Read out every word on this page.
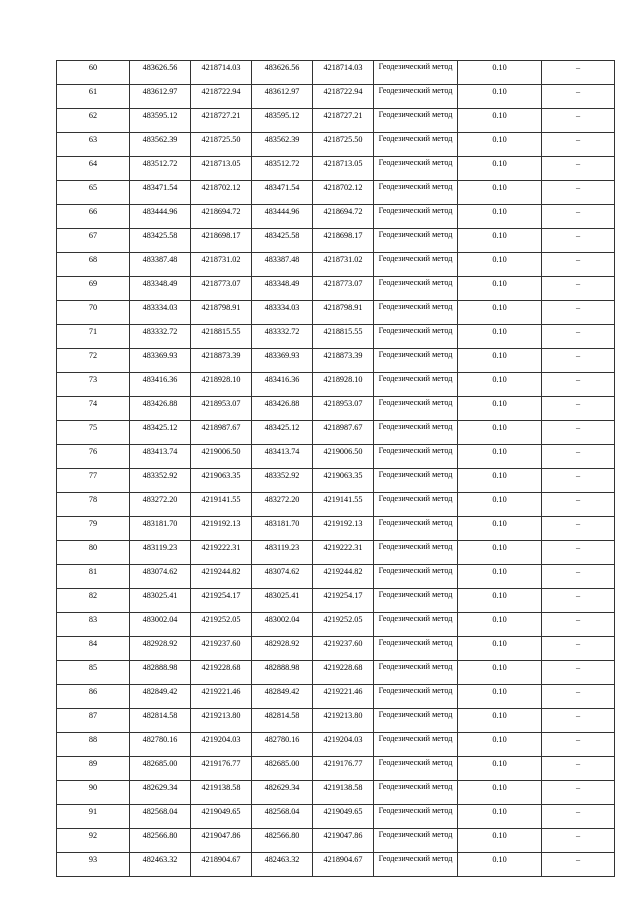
60	483626.56	4218714.03	483626.56	4218714.03	Геодезический метод	0.10	–
61	483612.97	4218722.94	483612.97	4218722.94	Геодезический метод	0.10	–
62	483595.12	4218727.21	483595.12	4218727.21	Геодезический метод	0.10	–
63	483562.39	4218725.50	483562.39	4218725.50	Геодезический метод	0.10	–
64	483512.72	4218713.05	483512.72	4218713.05	Геодезический метод	0.10	–
65	483471.54	4218702.12	483471.54	4218702.12	Геодезический метод	0.10	–
66	483444.96	4218694.72	483444.96	4218694.72	Геодезический метод	0.10	–
67	483425.58	4218698.17	483425.58	4218698.17	Геодезический метод	0.10	–
68	483387.48	4218731.02	483387.48	4218731.02	Геодезический метод	0.10	–
69	483348.49	4218773.07	483348.49	4218773.07	Геодезический метод	0.10	–
70	483334.03	4218798.91	483334.03	4218798.91	Геодезический метод	0.10	–
71	483332.72	4218815.55	483332.72	4218815.55	Геодезический метод	0.10	–
72	483369.93	4218873.39	483369.93	4218873.39	Геодезический метод	0.10	–
73	483416.36	4218928.10	483416.36	4218928.10	Геодезический метод	0.10	–
74	483426.88	4218953.07	483426.88	4218953.07	Геодезический метод	0.10	–
75	483425.12	4218987.67	483425.12	4218987.67	Геодезический метод	0.10	–
76	483413.74	4219006.50	483413.74	4219006.50	Геодезический метод	0.10	–
77	483352.92	4219063.35	483352.92	4219063.35	Геодезический метод	0.10	–
78	483272.20	4219141.55	483272.20	4219141.55	Геодезический метод	0.10	–
79	483181.70	4219192.13	483181.70	4219192.13	Геодезический метод	0.10	–
80	483119.23	4219222.31	483119.23	4219222.31	Геодезический метод	0.10	–
81	483074.62	4219244.82	483074.62	4219244.82	Геодезический метод	0.10	–
82	483025.41	4219254.17	483025.41	4219254.17	Геодезический метод	0.10	–
83	483002.04	4219252.05	483002.04	4219252.05	Геодезический метод	0.10	–
84	482928.92	4219237.60	482928.92	4219237.60	Геодезический метод	0.10	–
85	482888.98	4219228.68	482888.98	4219228.68	Геодезический метод	0.10	–
86	482849.42	4219221.46	482849.42	4219221.46	Геодезический метод	0.10	–
87	482814.58	4219213.80	482814.58	4219213.80	Геодезический метод	0.10	–
88	482780.16	4219204.03	482780.16	4219204.03	Геодезический метод	0.10	–
89	482685.00	4219176.77	482685.00	4219176.77	Геодезический метод	0.10	–
90	482629.34	4219138.58	482629.34	4219138.58	Геодезический метод	0.10	–
91	482568.04	4219049.65	482568.04	4219049.65	Геодезический метод	0.10	–
92	482566.80	4219047.86	482566.80	4219047.86	Геодезический метод	0.10	–
93	482463.32	4218904.67	482463.32	4218904.67	Геодезический метод	0.10	–
